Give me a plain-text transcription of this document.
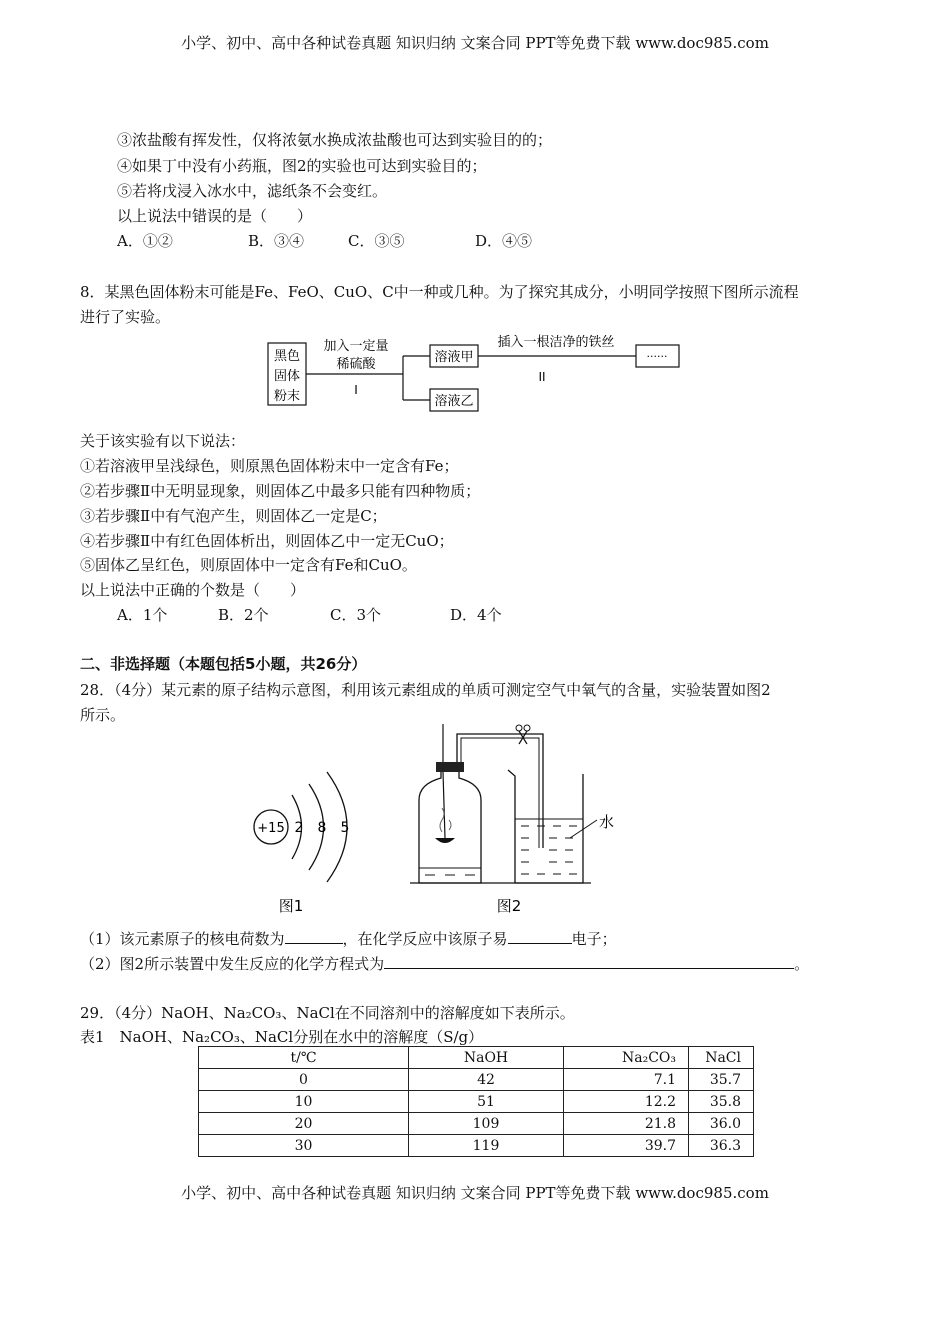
小学、初中、高中各种试卷真题 知识归纳 文案合同 PPT等免费下载 www.doc985.com
③浓盐酸有挥发性，仅将浓氨水换成浓盐酸也可达到实验目的的；
④如果丁中没有小药瓶，图2的实验也可达到实验目的；
⑤若将戊浸入冰水中，滤纸条不会变红。
以上说法中错误的是（　　）
A．①②	B．③④	C．③⑤	D．④⑤
8．某黑色固体粉末可能是Fe、FeO、CuO、C中一种或几种。为了探究其成分，小明同学按照下图所示流程
进行了实验。
黑色
固体
粉末
加入一定量
稀硫酸
I
溶液甲
溶液乙
插入一根洁净的铁丝
II
······
关于该实验有以下说法：
①若溶液甲呈浅绿色，则原黑色固体粉末中一定含有Fe；
②若步骤Ⅱ中无明显现象，则固体乙中最多只能有四种物质；
③若步骤Ⅱ中有气泡产生，则固体乙一定是C；
④若步骤Ⅱ中有红色固体析出，则固体乙中一定无CuO；
⑤固体乙呈红色，则原固体中一定含有Fe和CuO。
以上说法中正确的个数是（　　）
A．1个	B．2个	C．3个	D．4个
二、非选择题（本题包括5小题，共26分）
28．（4分）某元素的原子结构示意图，利用该元素组成的单质可测定空气中氧气的含量，实验装置如图2
所示。
+15 2 8 5
图1
水
图2
（1）该元素原子的核电荷数为	，在化学反应中该原子易	电子；
（2）图2所示装置中发生反应的化学方程式为	。
29．（4分）NaOH、Na₂CO₃、NaCl在不同溶剂中的溶解度如下表所示。
表1　NaOH、Na₂CO₃、NaCl分别在水中的溶解度（S/g）
t/℃	NaOH	Na₂CO₃	NaCl
0	42	7.1	35.7
10	51	12.2	35.8
20	109	21.8	36.0
30	119	39.7	36.3
小学、初中、高中各种试卷真题 知识归纳 文案合同 PPT等免费下载 www.doc985.com
